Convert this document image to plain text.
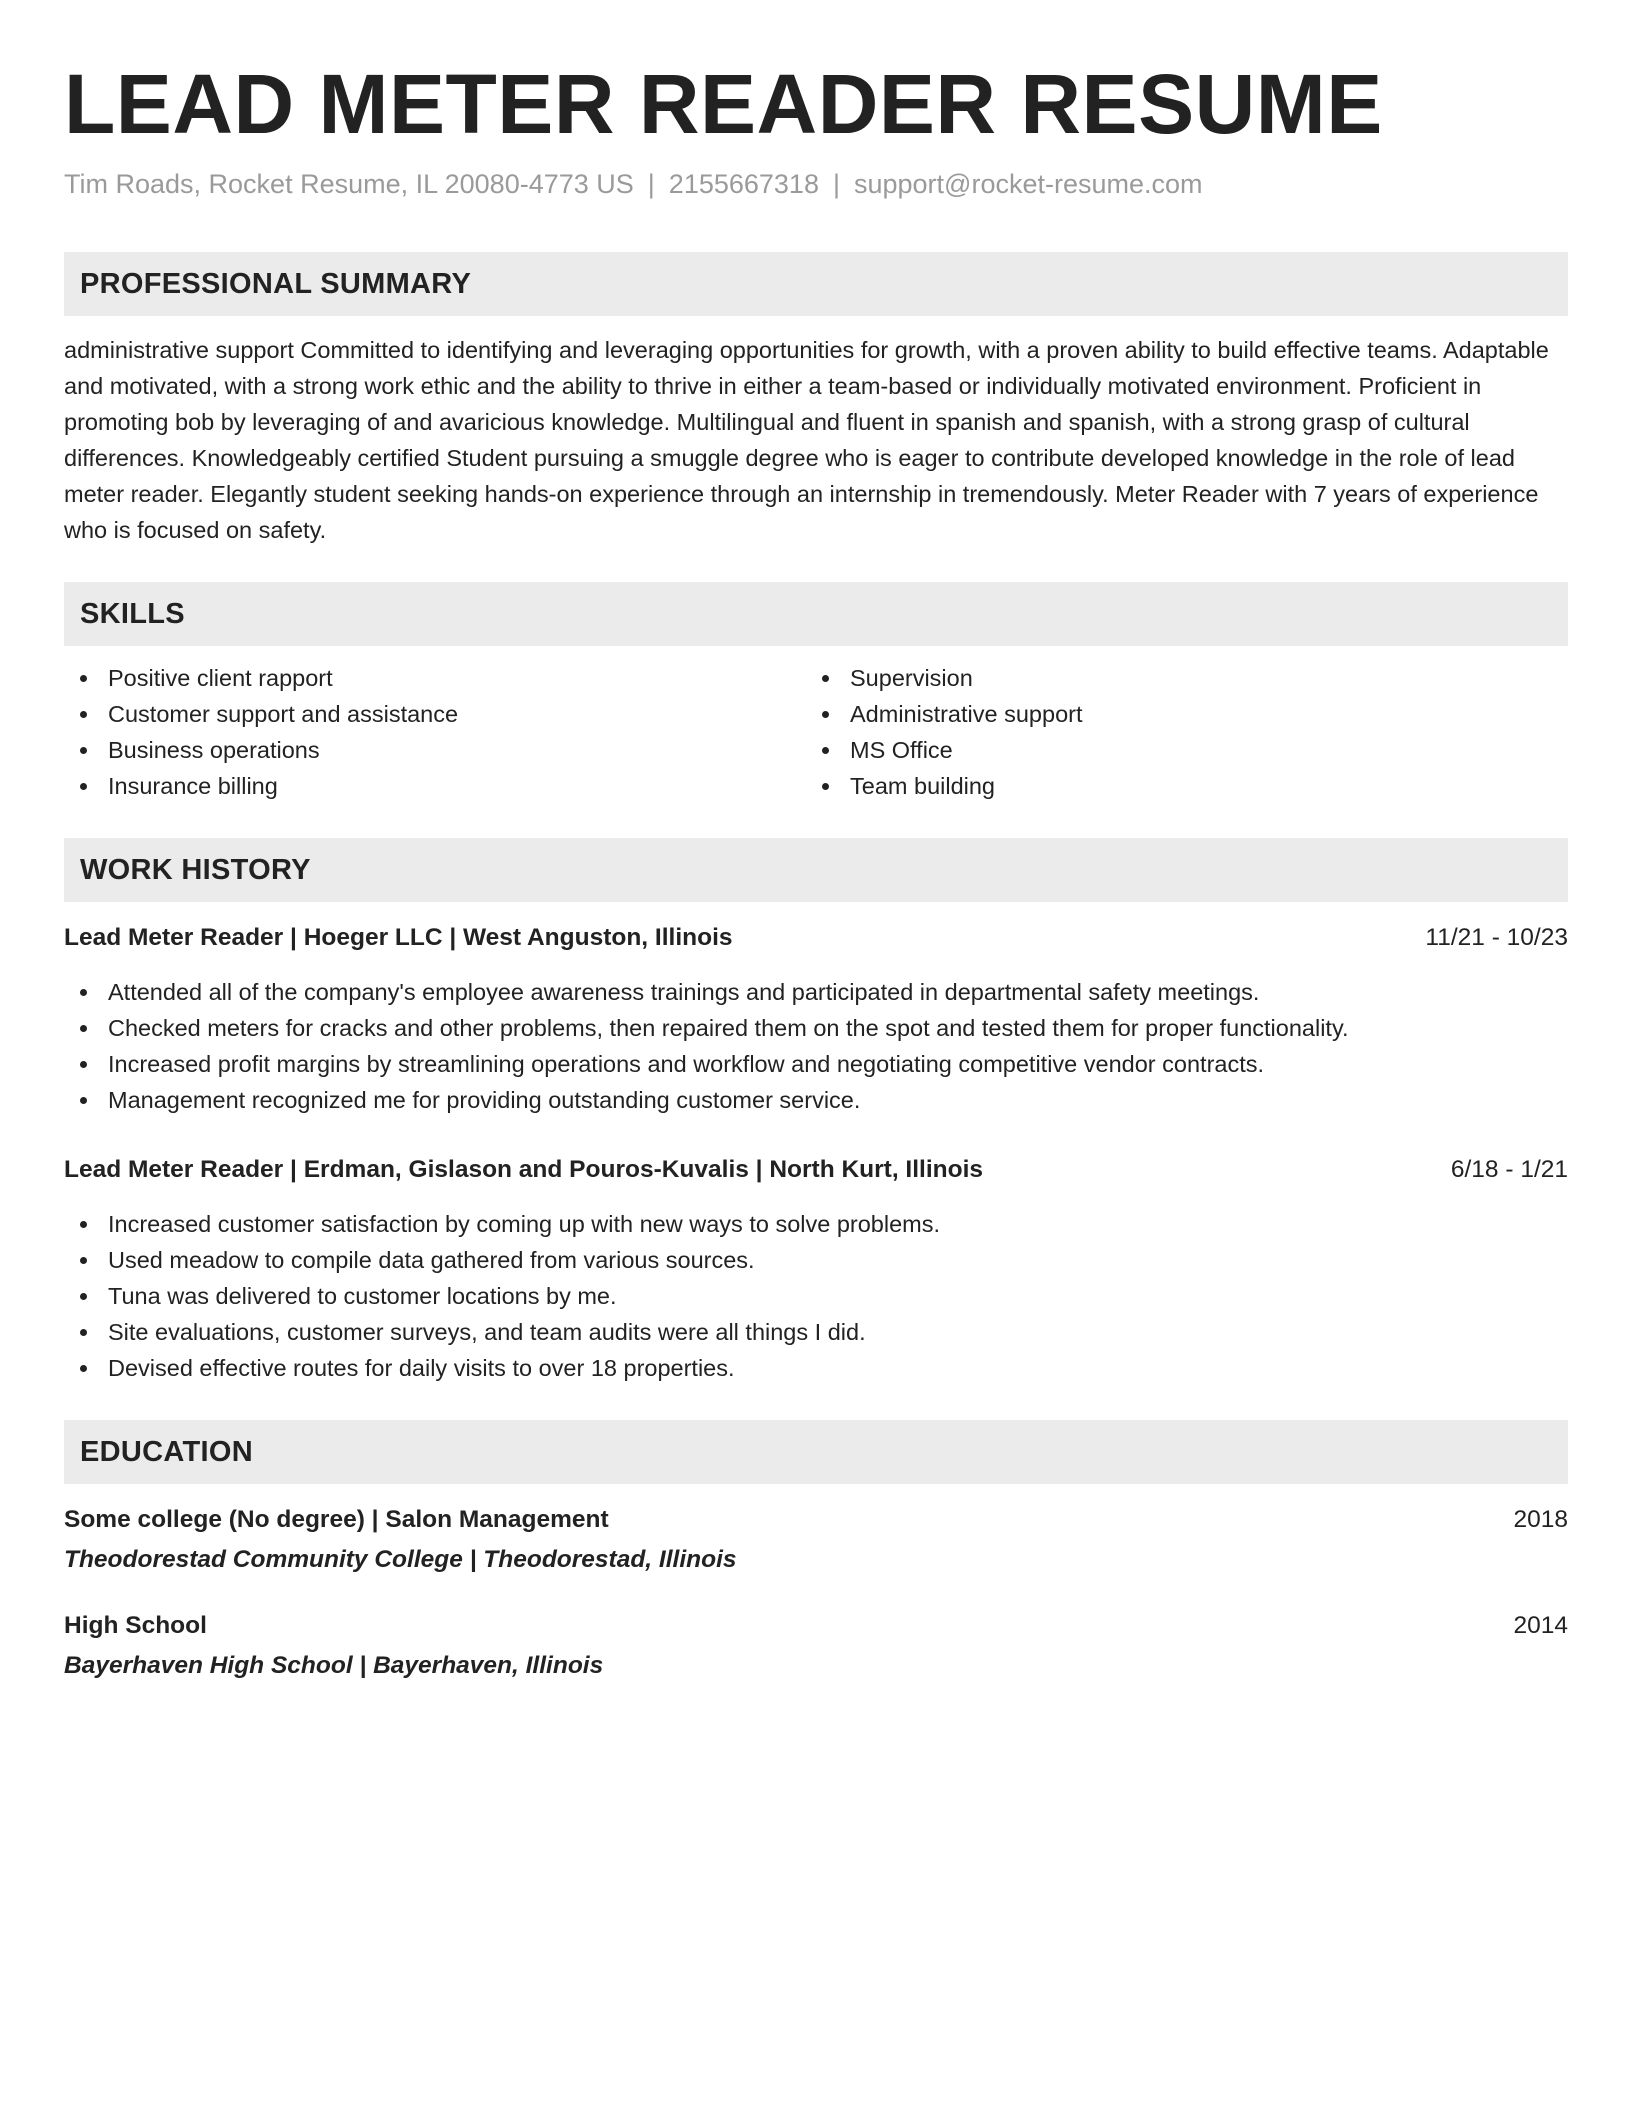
LEAD METER READER RESUME
Tim Roads, Rocket Resume, IL 20080-4773 US | 2155667318 | support@rocket-resume.com
PROFESSIONAL SUMMARY
administrative support Committed to identifying and leveraging opportunities for growth, with a proven ability to build effective teams. Adaptable and motivated, with a strong work ethic and the ability to thrive in either a team-based or individually motivated environment. Proficient in promoting bob by leveraging of and avaricious knowledge. Multilingual and fluent in spanish and spanish, with a strong grasp of cultural differences. Knowledgeably certified Student pursuing a smuggle degree who is eager to contribute developed knowledge in the role of lead meter reader. Elegantly student seeking hands-on experience through an internship in tremendously. Meter Reader with 7 years of experience who is focused on safety.
SKILLS
Positive client rapport
Customer support and assistance
Business operations
Insurance billing
Supervision
Administrative support
MS Office
Team building
WORK HISTORY
Lead Meter Reader | Hoeger LLC | West Anguston, Illinois	11/21 - 10/23
Attended all of the company's employee awareness trainings and participated in departmental safety meetings.
Checked meters for cracks and other problems, then repaired them on the spot and tested them for proper functionality.
Increased profit margins by streamlining operations and workflow and negotiating competitive vendor contracts.
Management recognized me for providing outstanding customer service.
Lead Meter Reader | Erdman, Gislason and Pouros-Kuvalis | North Kurt, Illinois	6/18 - 1/21
Increased customer satisfaction by coming up with new ways to solve problems.
Used meadow to compile data gathered from various sources.
Tuna was delivered to customer locations by me.
Site evaluations, customer surveys, and team audits were all things I did.
Devised effective routes for daily visits to over 18 properties.
EDUCATION
Some college (No degree) | Salon Management	2018
Theodorestad Community College | Theodorestad, Illinois
High School	2014
Bayerhaven High School | Bayerhaven, Illinois
